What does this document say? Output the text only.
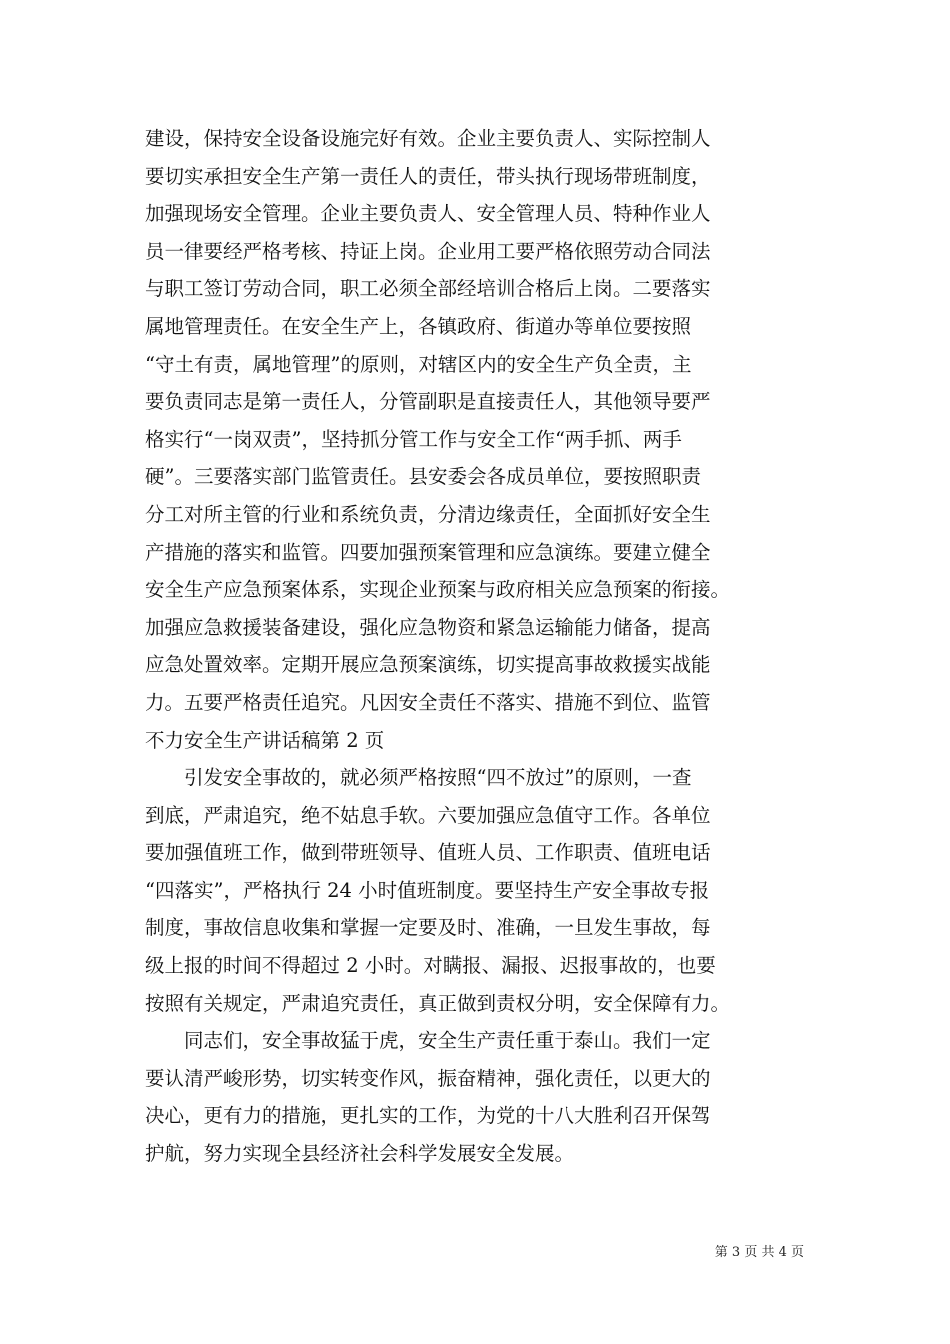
建设，保持安全设备设施完好有效。企业主要负责人、实际控制人
要切实承担安全生产第一责任人的责任，带头执行现场带班制度，
加强现场安全管理。企业主要负责人、安全管理人员、特种作业人
员一律要经严格考核、持证上岗。企业用工要严格依照劳动合同法
与职工签订劳动合同，职工必须全部经培训合格后上岗。二要落实
属地管理责任。在安全生产上，各镇政府、街道办等单位要按照
“守土有责，属地管理”的原则，对辖区内的安全生产负全责，主
要负责同志是第一责任人，分管副职是直接责任人，其他领导要严
格实行“一岗双责”，坚持抓分管工作与安全工作“两手抓、两手
硬”。三要落实部门监管责任。县安委会各成员单位，要按照职责
分工对所主管的行业和系统负责，分清边缘责任，全面抓好安全生
产措施的落实和监管。四要加强预案管理和应急演练。要建立健全
安全生产应急预案体系，实现企业预案与政府相关应急预案的衔接。
加强应急救援装备建设，强化应急物资和紧急运输能力储备，提高
应急处置效率。定期开展应急预案演练，切实提高事故救援实战能
力。五要严格责任追究。凡因安全责任不落实、措施不到位、监管
不力安全生产讲话稿第 2 页
　　引发安全事故的，就必须严格按照“四不放过”的原则，一查
到底，严肃追究，绝不姑息手软。六要加强应急值守工作。各单位
要加强值班工作，做到带班领导、值班人员、工作职责、值班电话
“四落实”，严格执行 24 小时值班制度。要坚持生产安全事故专报
制度，事故信息收集和掌握一定要及时、准确，一旦发生事故，每
级上报的时间不得超过 2 小时。对瞒报、漏报、迟报事故的，也要
按照有关规定，严肃追究责任，真正做到责权分明，安全保障有力。
　　同志们，安全事故猛于虎，安全生产责任重于泰山。我们一定
要认清严峻形势，切实转变作风，振奋精神，强化责任，以更大的
决心，更有力的措施，更扎实的工作，为党的十八大胜利召开保驾
护航，努力实现全县经济社会科学发展安全发展。
第 3 页 共 4 页
